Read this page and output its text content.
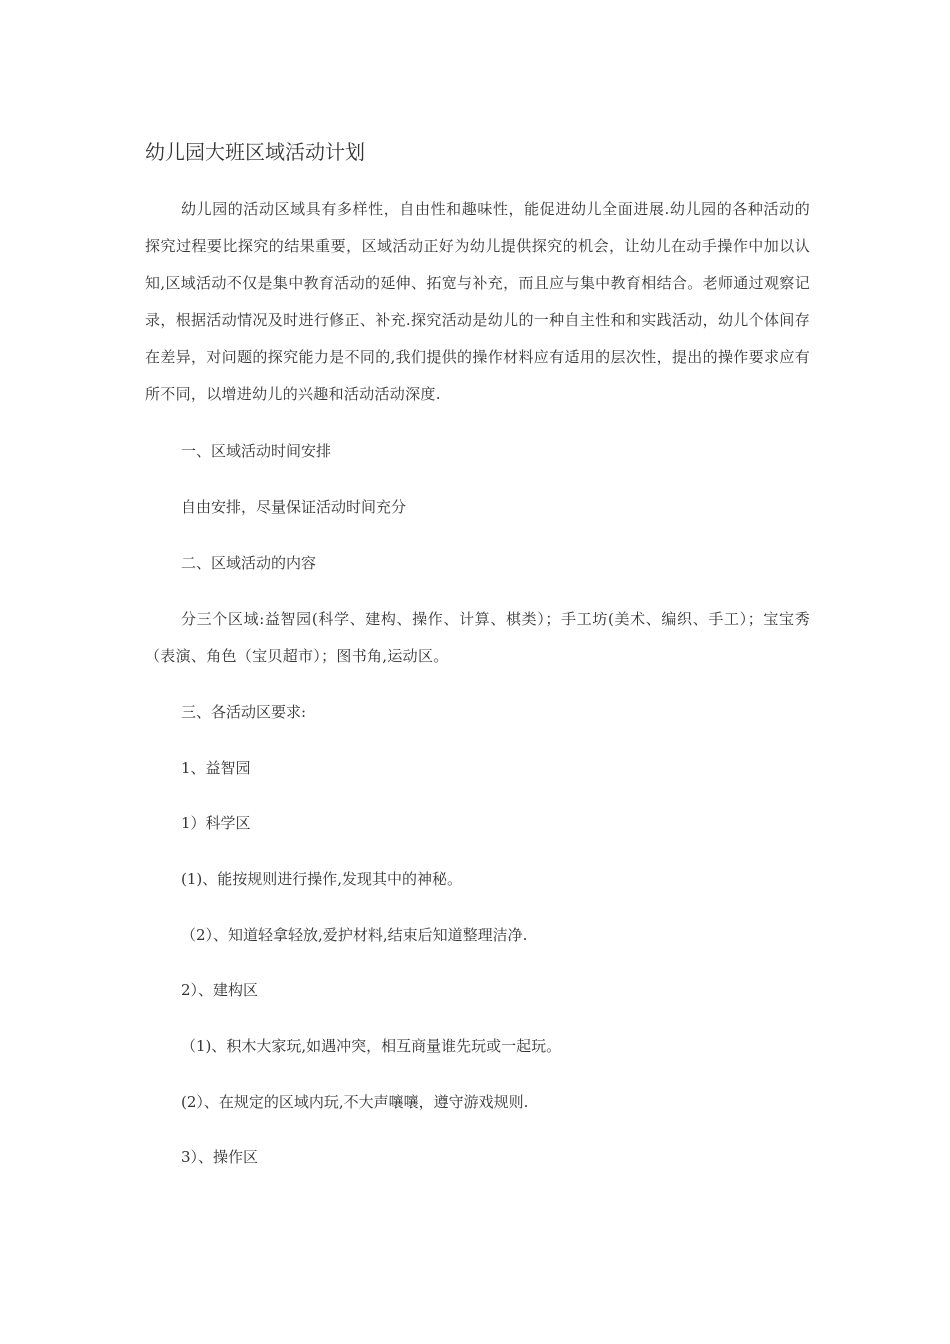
幼儿园大班区域活动计划
幼儿园的活动区域具有多样性，自由性和趣味性，能促进幼儿全面进展.幼儿园的各种活动的探究过程要比探究的结果重要，区域活动正好为幼儿提供探究的机会，让幼儿在动手操作中加以认知,区域活动不仅是集中教育活动的延伸、拓宽与补充，而且应与集中教育相结合。老师通过观察记录，根据活动情况及时进行修正、补充.探究活动是幼儿的一种自主性和和实践活动，幼儿个体间存在差异，对问题的探究能力是不同的,我们提供的操作材料应有适用的层次性，提出的操作要求应有所不同，以增进幼儿的兴趣和活动活动深度.
一、区域活动时间安排
自由安排，尽量保证活动时间充分
二、区域活动的内容
分三个区域:益智园(科学、建构、操作、计算、棋类）；手工坊(美术、编织、手工）；宝宝秀（表演、角色（宝贝超市）；图书角,运动区。
三、各活动区要求:
1、益智园
1）科学区
(1)、能按规则进行操作,发现其中的神秘。
（2）、知道轻拿轻放,爱护材料,结束后知道整理洁净.
2）、建构区
（1)、积木大家玩,如遇冲突，相互商量谁先玩或一起玩。
(2）、在规定的区域内玩,不大声嚷嚷，遵守游戏规则.
3）、操作区
